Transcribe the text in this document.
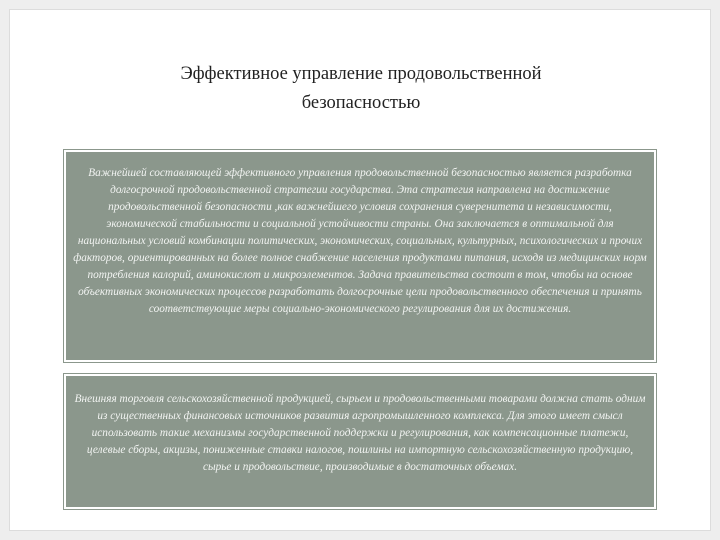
Эффективное управление продовольственной
безопасностью
Важнейшей составляющей эффективного управления продовольственной безопасностью является разработка долгосрочной продовольственной стратегии государства. Эта стратегия направлена на достижение продовольственной безопасности ,как важнейшего условия сохранения суверенитета и независимости, экономической стабильности и социальной устойчивости страны. Она заключается в оптимальной для национальных условий комбинации политических, экономических, социальных, культурных, психологических и прочих факторов, ориентированных на более полное снабжение населения продуктами питания, исходя из медицинских норм потребления калорий, аминокислот и микроэлементов. Задача правительства состоит в том, чтобы на основе объективных экономических процессов разработать долгосрочные цели продовольственного обеспечения и принять соответствующие меры социально-экономического регулирования для их достижения.
Внешняя торговля сельскохозяйственной продукцией, сырьем и продовольственными товарами должна стать одним из существенных финансовых источников развития агропромышленного комплекса. Для этого имеет смысл использовать такие механизмы государственной поддержки и регулирования, как компенсационные платежи, целевые сборы, акцизы, пониженные ставки налогов, пошлины на импортную сельскохозяйственную продукцию, сырье и продовольствие, производимые в достаточных объемах.
